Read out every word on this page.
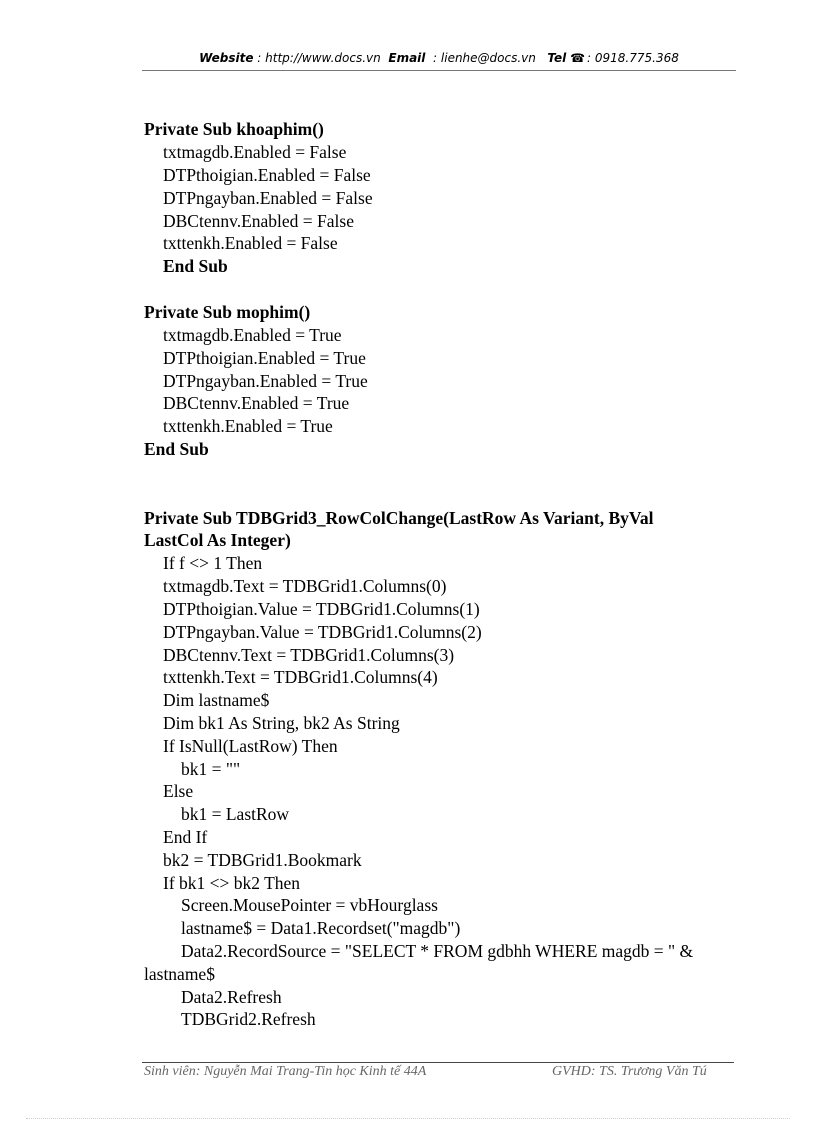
Website : http://www.docs.vn Email : lienhe@docs.vn Tel ☎ : 0918.775.368
Private Sub khoaphim()
txtmagdb.Enabled = False
DTPthoigian.Enabled = False
DTPngayban.Enabled = False
DBCtennv.Enabled = False
txttenkh.Enabled = False
End Sub
Private Sub mophim()
txtmagdb.Enabled = True
DTPthoigian.Enabled = True
DTPngayban.Enabled = True
DBCtennv.Enabled = True
txttenkh.Enabled = True
End Sub
Private Sub TDBGrid3_RowColChange(LastRow As Variant, ByVal
LastCol As Integer)
If f <> 1 Then
txtmagdb.Text = TDBGrid1.Columns(0)
DTPthoigian.Value = TDBGrid1.Columns(1)
DTPngayban.Value = TDBGrid1.Columns(2)
DBCtennv.Text = TDBGrid1.Columns(3)
txttenkh.Text = TDBGrid1.Columns(4)
Dim lastname$
Dim bk1 As String, bk2 As String
If IsNull(LastRow) Then
bk1 = ""
Else
bk1 = LastRow
End If
bk2 = TDBGrid1.Bookmark
If bk1 <> bk2 Then
Screen.MousePointer = vbHourglass
lastname$ = Data1.Recordset("magdb")
Data2.RecordSource = "SELECT * FROM gdbhh WHERE magdb = " &
lastname$
Data2.Refresh
TDBGrid2.Refresh
Sinh viên: Nguyễn Mai Trang-Tin học Kinh tế 44A	GVHD: TS. Trương Văn Tú
